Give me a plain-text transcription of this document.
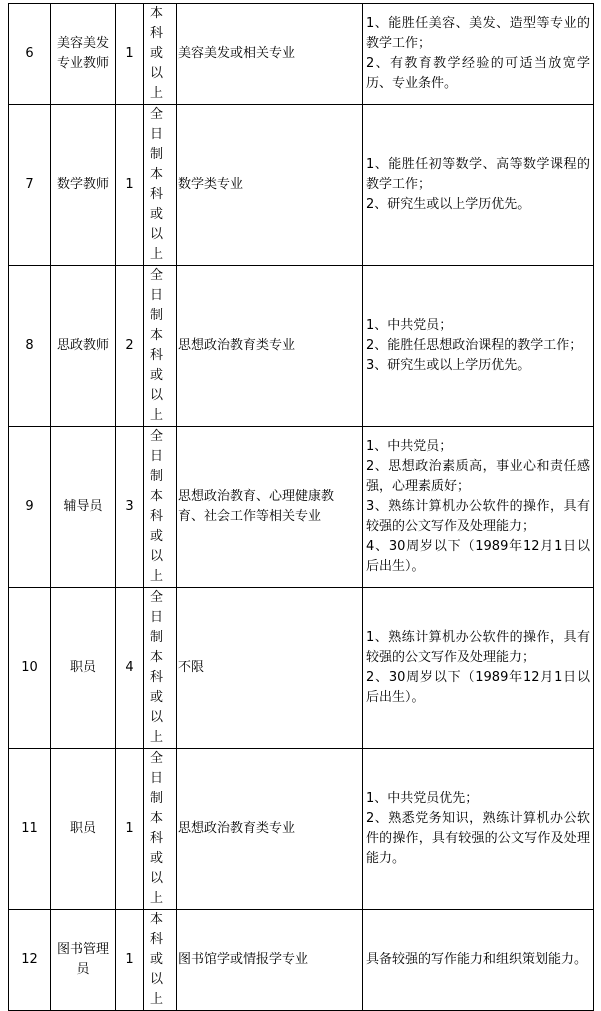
6	美容美发专业教师	1	本科或以上	美容美发或相关专业	1、能胜任美容、美发、造型等专业的教学工作；
2、有教育教学经验的可适当放宽学历、专业条件。

7	数学教师	1	全日制本科或以上	数学类专业	1、能胜任初等数学、高等数学课程的教学工作；
2、研究生或以上学历优先。

8	思政教师	2	全日制本科或以上	思想政治教育类专业	1、中共党员；
2、能胜任思想政治课程的教学工作；
3、研究生或以上学历优先。

9	辅导员	3	全日制本科或以上	思想政治教育、心理健康教育、社会工作等相关专业	1、中共党员；
2、思想政治素质高，事业心和责任感强，心理素质好；
3、熟练计算机办公软件的操作，具有较强的公文写作及处理能力；
4、30周岁以下（1989年12月1日以后出生）。

10	职员	4	全日制本科或以上	不限	1、熟练计算机办公软件的操作，具有较强的公文写作及处理能力；
2、30周岁以下（1989年12月1日以后出生）。

11	职员	1	全日制本科或以上	思想政治教育类专业	1、中共党员优先；
2、熟悉党务知识，熟练计算机办公软件的操作，具有较强的公文写作及处理能力。

12	图书管理员	1	本科或以上	图书馆学或情报学专业	具备较强的写作能力和组织策划能力。
